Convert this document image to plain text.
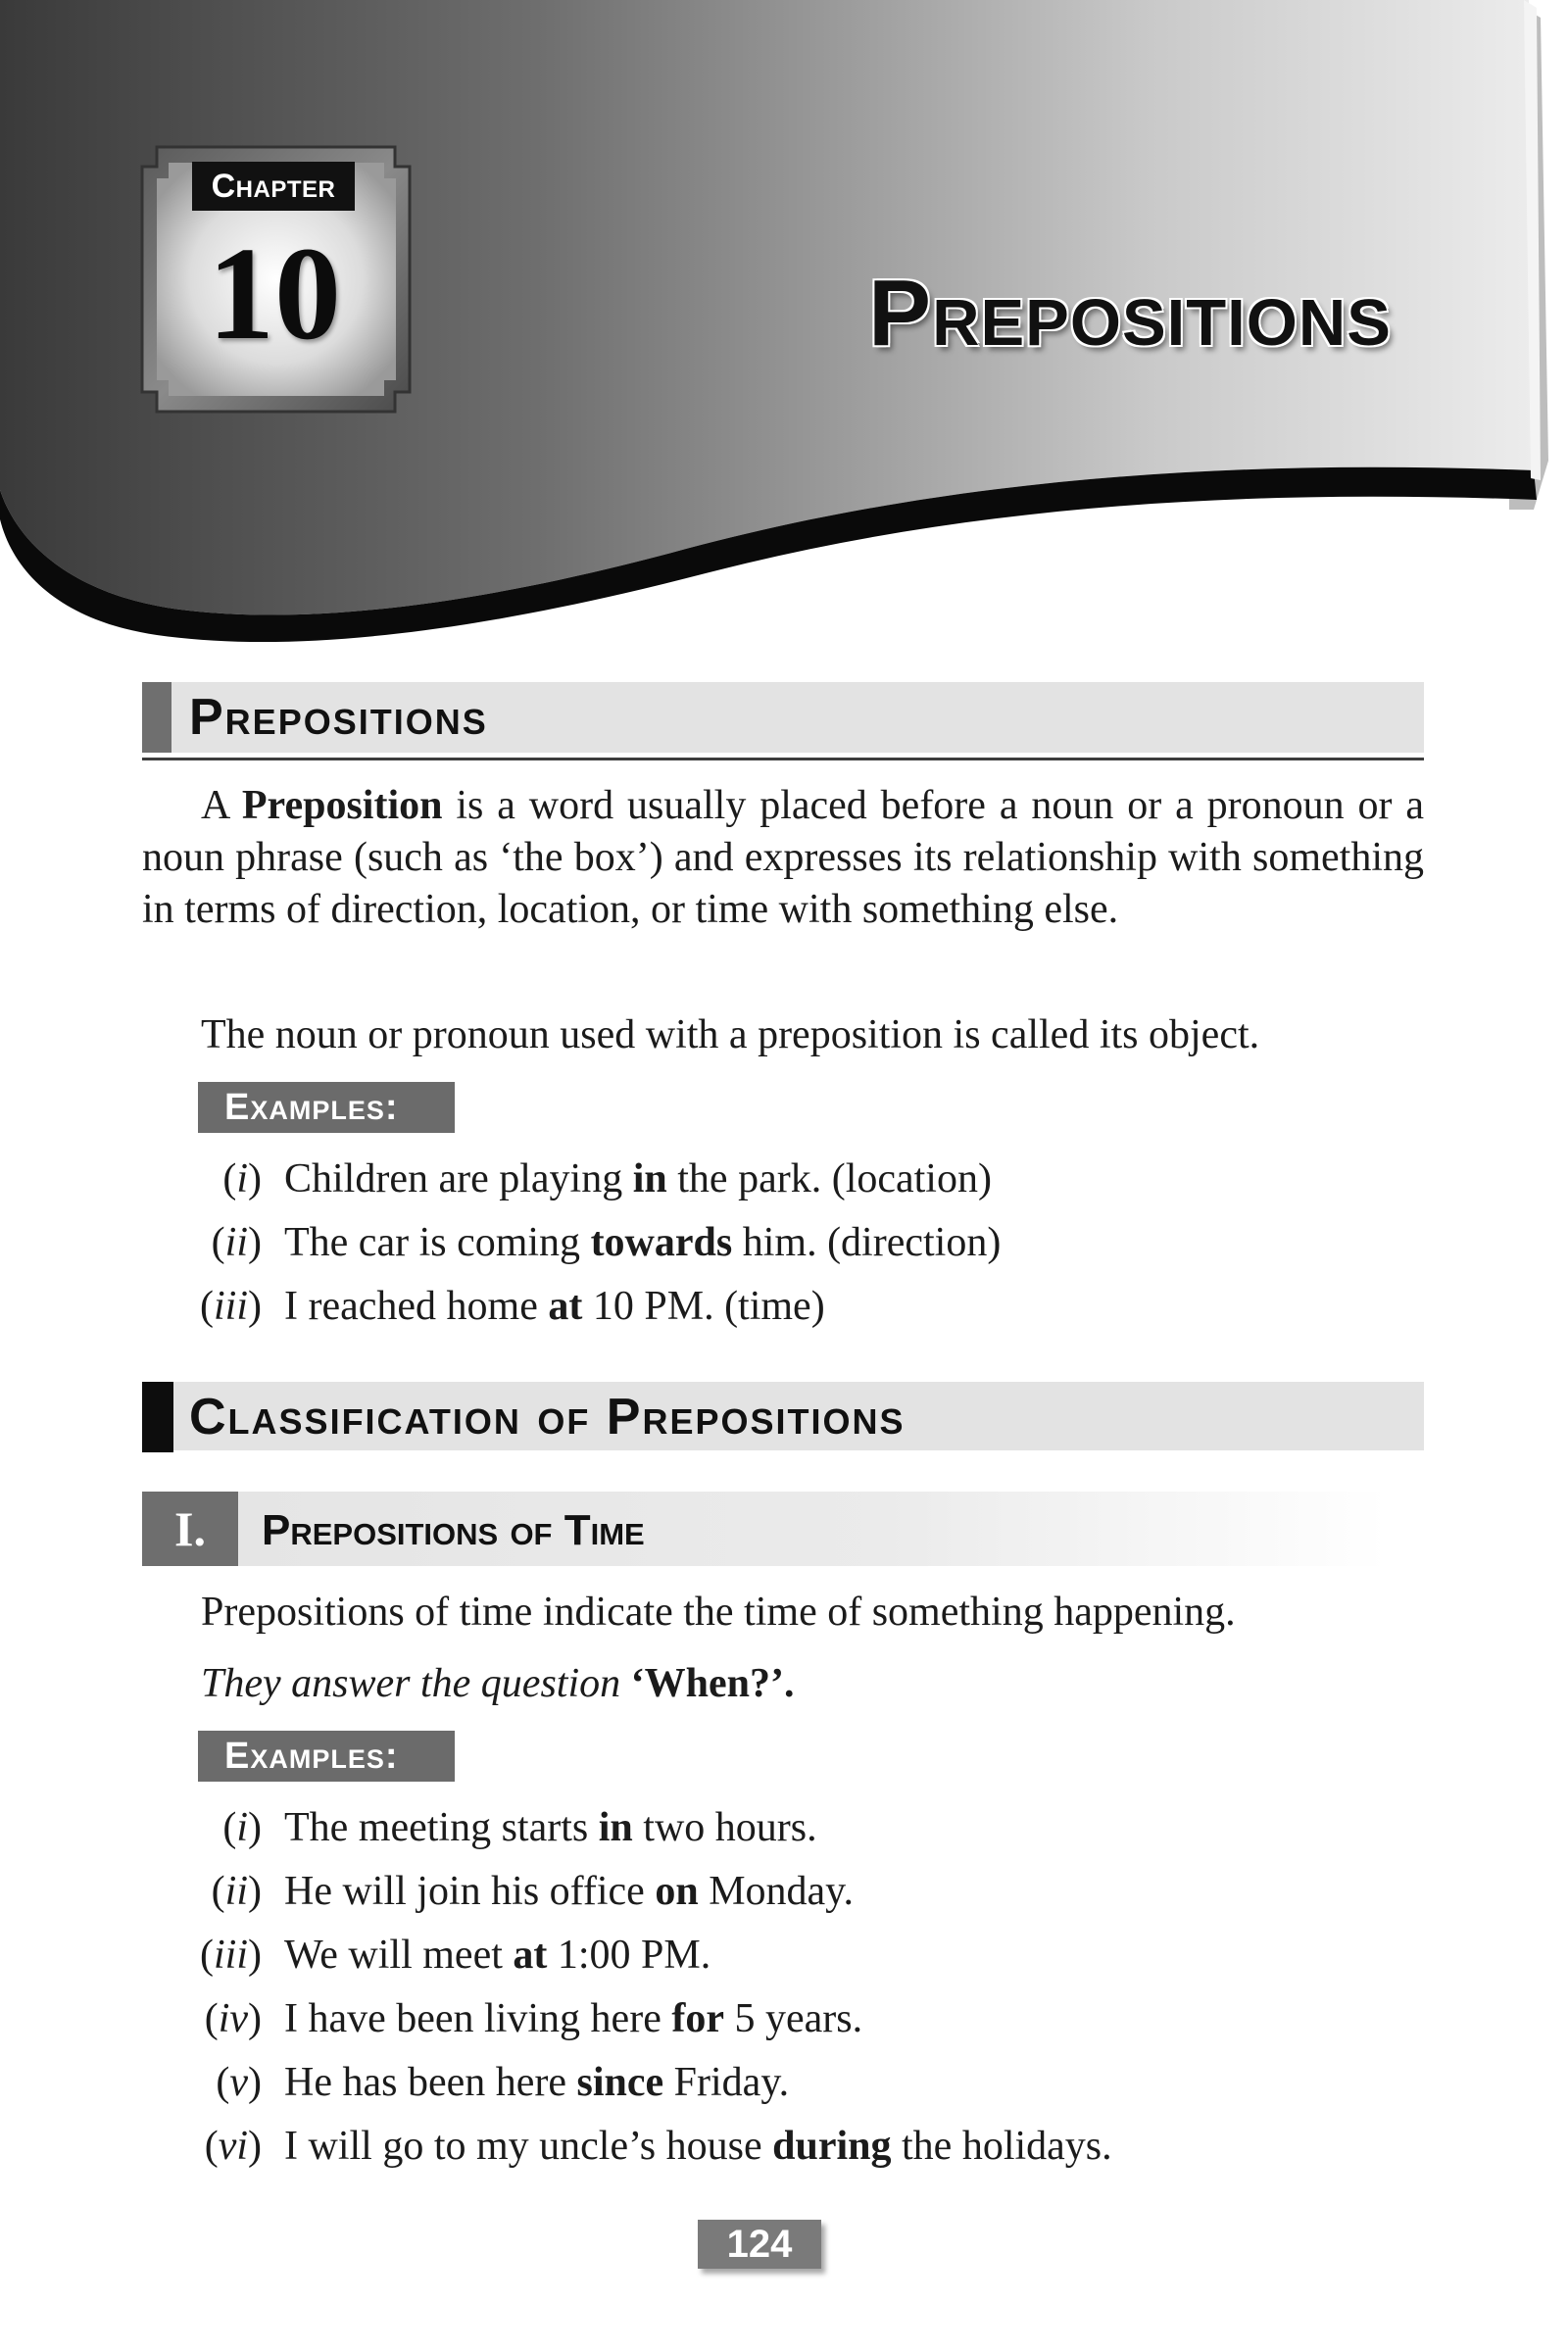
Chapter
10	Prepositions
Prepositions

A Preposition is a word usually placed before a noun or a pronoun or a noun phrase (such as ‘the box’) and expresses its relationship with something in terms of direction, location, or time with something else.

The noun or pronoun used with a preposition is called its object.

Examples:
( i ) Children are playing in the park. (location)
( ii ) The car is coming towards him. (direction)
( iii ) I reached home at 10 PM. (time)
Classification of Prepositions
I.	Prepositions of Time

Prepositions of time indicate the time of something happening.

They answer the question ‘When?’.

Examples:
( i ) The meeting starts in two hours.
( ii ) He will join his office on Monday.
( iii ) We will meet at 1:00 PM.
( iv ) I have been living here for 5 years.
( v ) He has been here since Friday.
( vi ) I will go to my uncle’s house during the holidays.
124
